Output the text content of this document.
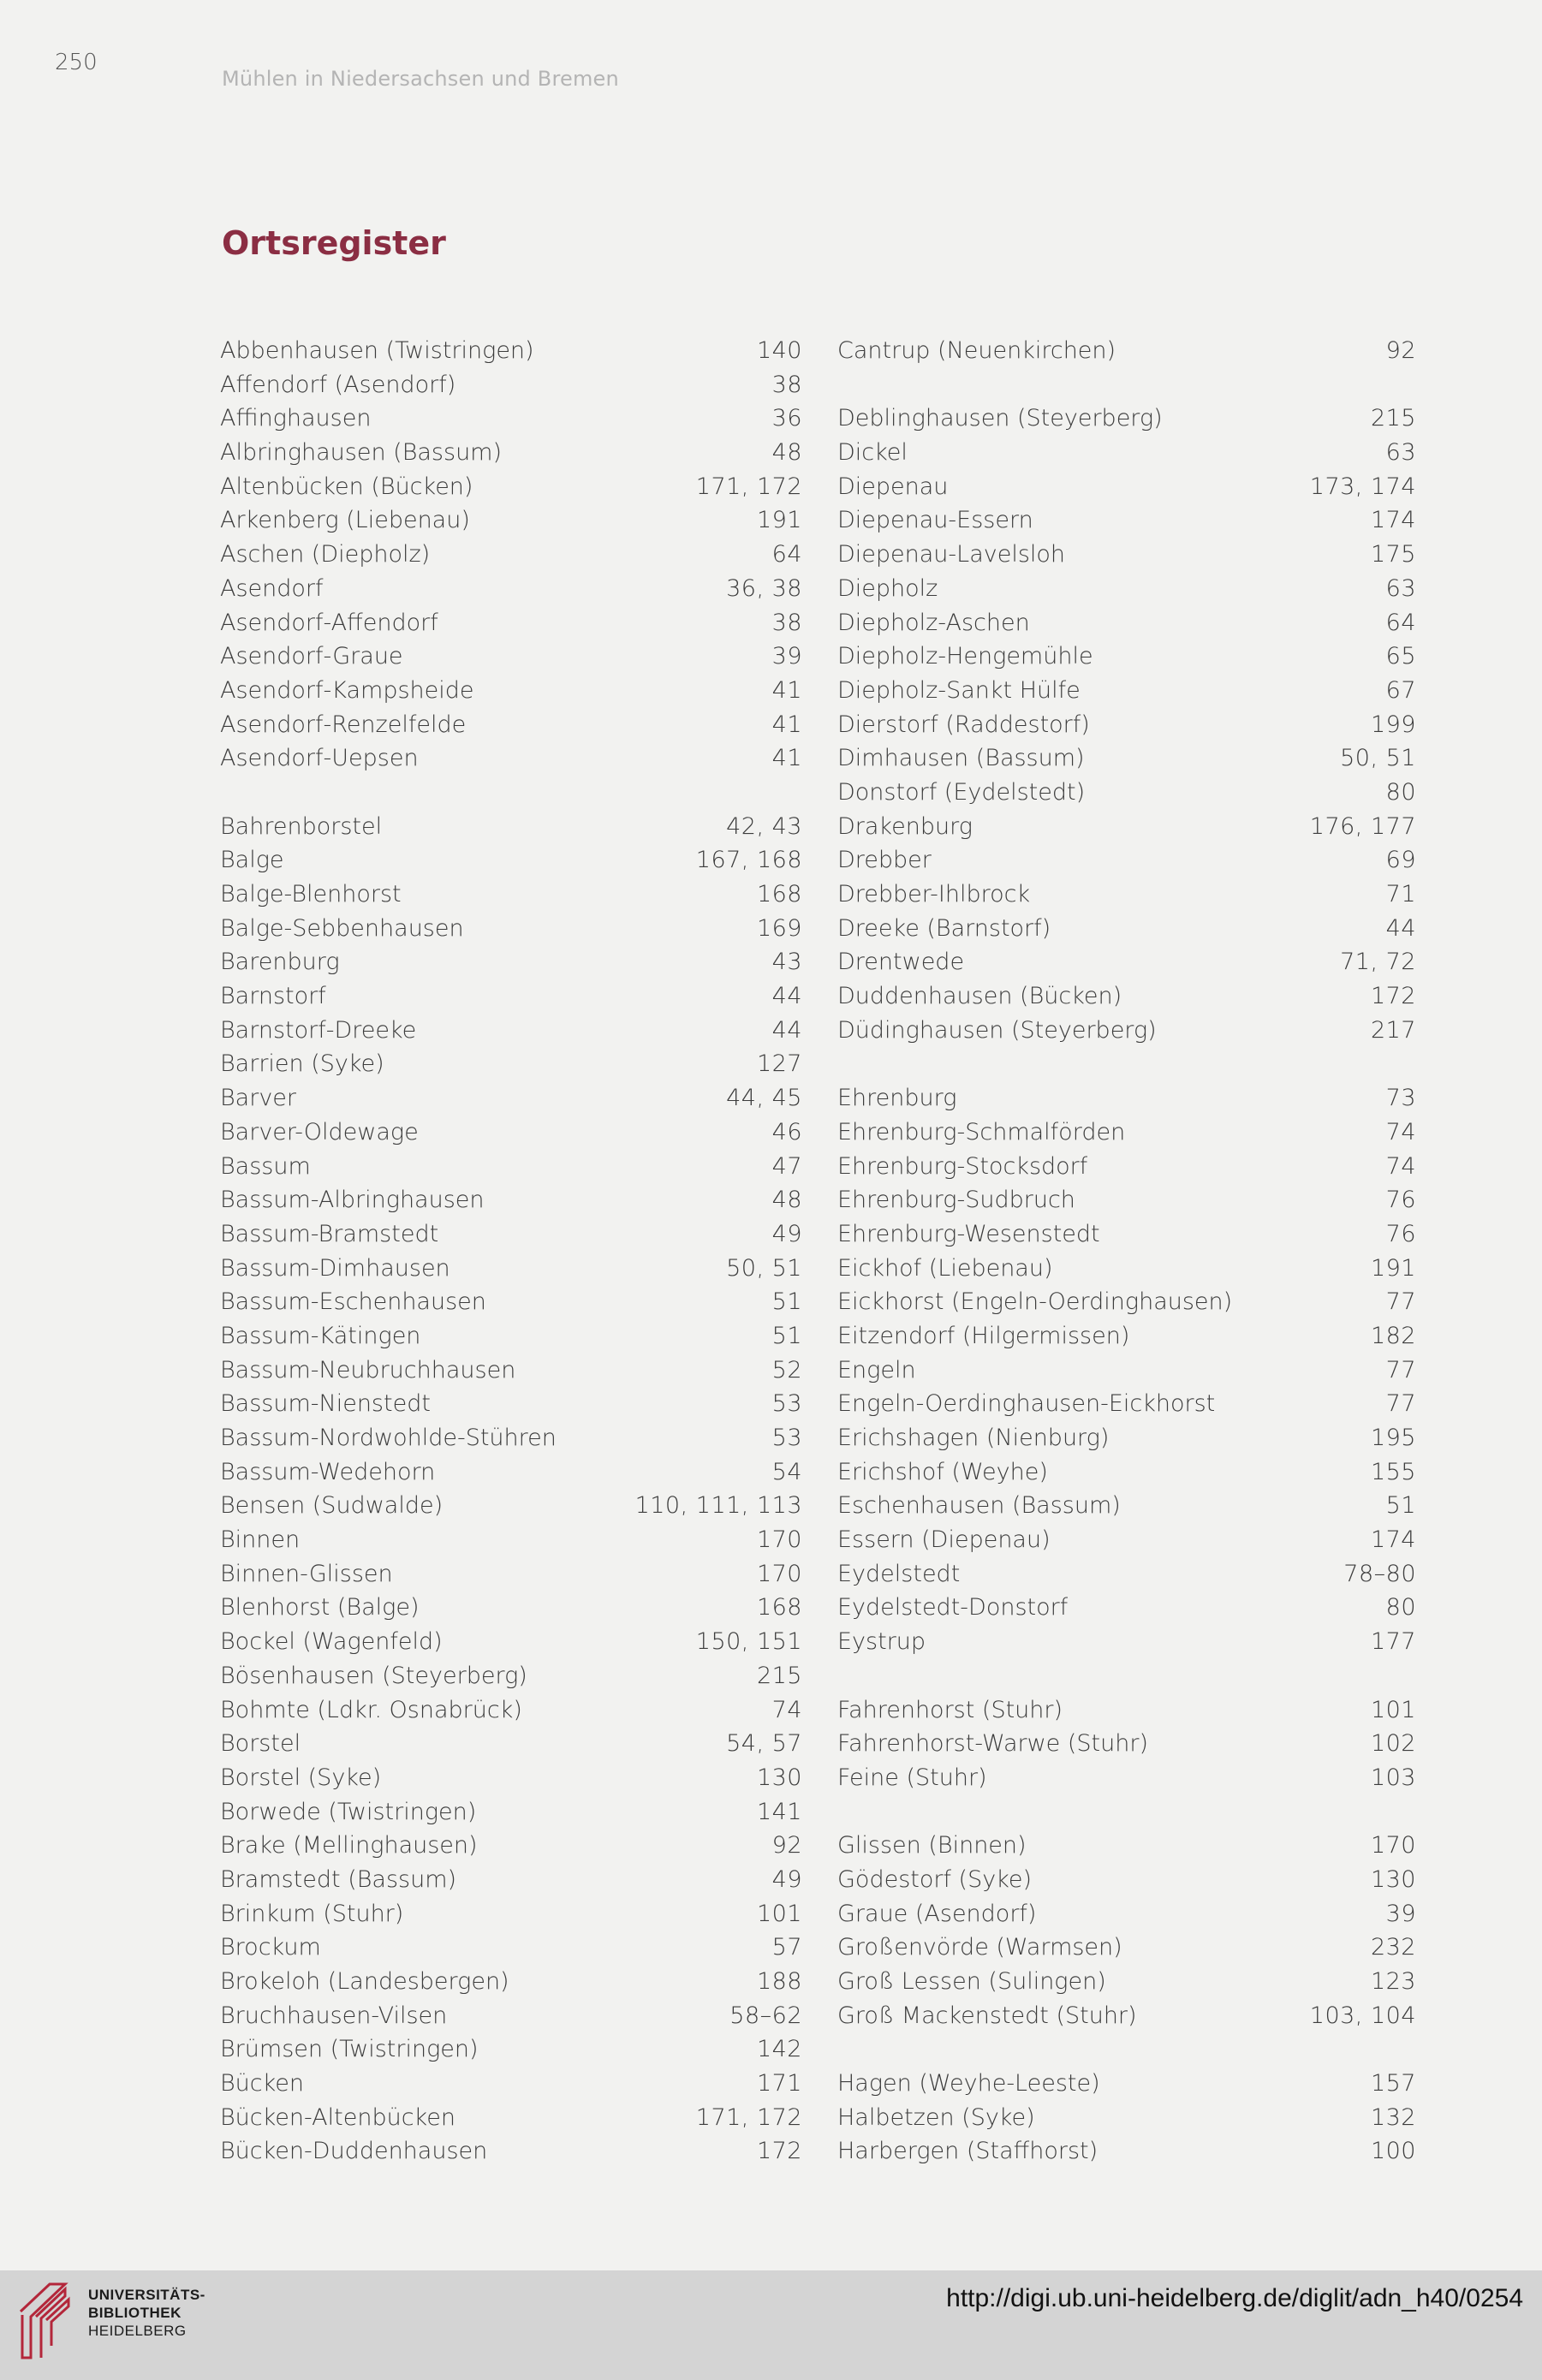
250
Mühlen in Niedersachsen und Bremen
Ortsregister
Abbenhausen (Twistringen)	140
Affendorf (Asendorf)	38
Affinghausen	36
Albringhausen (Bassum)	48
Altenbücken (Bücken)	171, 172
Arkenberg (Liebenau)	191
Aschen (Diepholz)	64
Asendorf	36, 38
Asendorf-Affendorf	38
Asendorf-Graue	39
Asendorf-Kampsheide	41
Asendorf-Renzelfelde	41
Asendorf-Uepsen	41
Bahrenborstel	42, 43
Balge	167, 168
Balge-Blenhorst	168
Balge-Sebbenhausen	169
Barenburg	43
Barnstorf	44
Barnstorf-Dreeke	44
Barrien (Syke)	127
Barver	44, 45
Barver-Oldewage	46
Bassum	47
Bassum-Albringhausen	48
Bassum-Bramstedt	49
Bassum-Dimhausen	50, 51
Bassum-Eschenhausen	51
Bassum-Kätingen	51
Bassum-Neubruchhausen	52
Bassum-Nienstedt	53
Bassum-Nordwohlde-Stühren	53
Bassum-Wedehorn	54
Bensen (Sudwalde)	110, 111, 113
Binnen	170
Binnen-Glissen	170
Blenhorst (Balge)	168
Bockel (Wagenfeld)	150, 151
Bösenhausen (Steyerberg)	215
Bohmte (Ldkr. Osnabrück)	74
Borstel	54, 57
Borstel (Syke)	130
Borwede (Twistringen)	141
Brake (Mellinghausen)	92
Bramstedt (Bassum)	49
Brinkum (Stuhr)	101
Brockum	57
Brokeloh (Landesbergen)	188
Bruchhausen-Vilsen	58–62
Brümsen (Twistringen)	142
Bücken	171
Bücken-Altenbücken	171, 172
Bücken-Duddenhausen	172
Cantrup (Neuenkirchen)	92
Deblinghausen (Steyerberg)	215
Dickel	63
Diepenau	173, 174
Diepenau-Essern	174
Diepenau-Lavelsloh	175
Diepholz	63
Diepholz-Aschen	64
Diepholz-Hengemühle	65
Diepholz-Sankt Hülfe	67
Dierstorf (Raddestorf)	199
Dimhausen (Bassum)	50, 51
Donstorf (Eydelstedt)	80
Drakenburg	176, 177
Drebber	69
Drebber-Ihlbrock	71
Dreeke (Barnstorf)	44
Drentwede	71, 72
Duddenhausen (Bücken)	172
Düdinghausen (Steyerberg)	217
Ehrenburg	73
Ehrenburg-Schmalförden	74
Ehrenburg-Stocksdorf	74
Ehrenburg-Sudbruch	76
Ehrenburg-Wesenstedt	76
Eickhof (Liebenau)	191
Eickhorst (Engeln-Oerdinghausen)	77
Eitzendorf (Hilgermissen)	182
Engeln	77
Engeln-Oerdinghausen-Eickhorst	77
Erichshagen (Nienburg)	195
Erichshof (Weyhe)	155
Eschenhausen (Bassum)	51
Essern (Diepenau)	174
Eydelstedt	78–80
Eydelstedt-Donstorf	80
Eystrup	177
Fahrenhorst (Stuhr)	101
Fahrenhorst-Warwe (Stuhr)	102
Feine (Stuhr)	103
Glissen (Binnen)	170
Gödestorf (Syke)	130
Graue (Asendorf)	39
Großenvörde (Warmsen)	232
Groß Lessen (Sulingen)	123
Groß Mackenstedt (Stuhr)	103, 104
Hagen (Weyhe-Leeste)	157
Halbetzen (Syke)	132
Harbergen (Staffhorst)	100
UNIVERSITÄTS-
BIBLIOTHEK
HEIDELBERG
http://digi.ub.uni-heidelberg.de/diglit/adn_h40/0254
